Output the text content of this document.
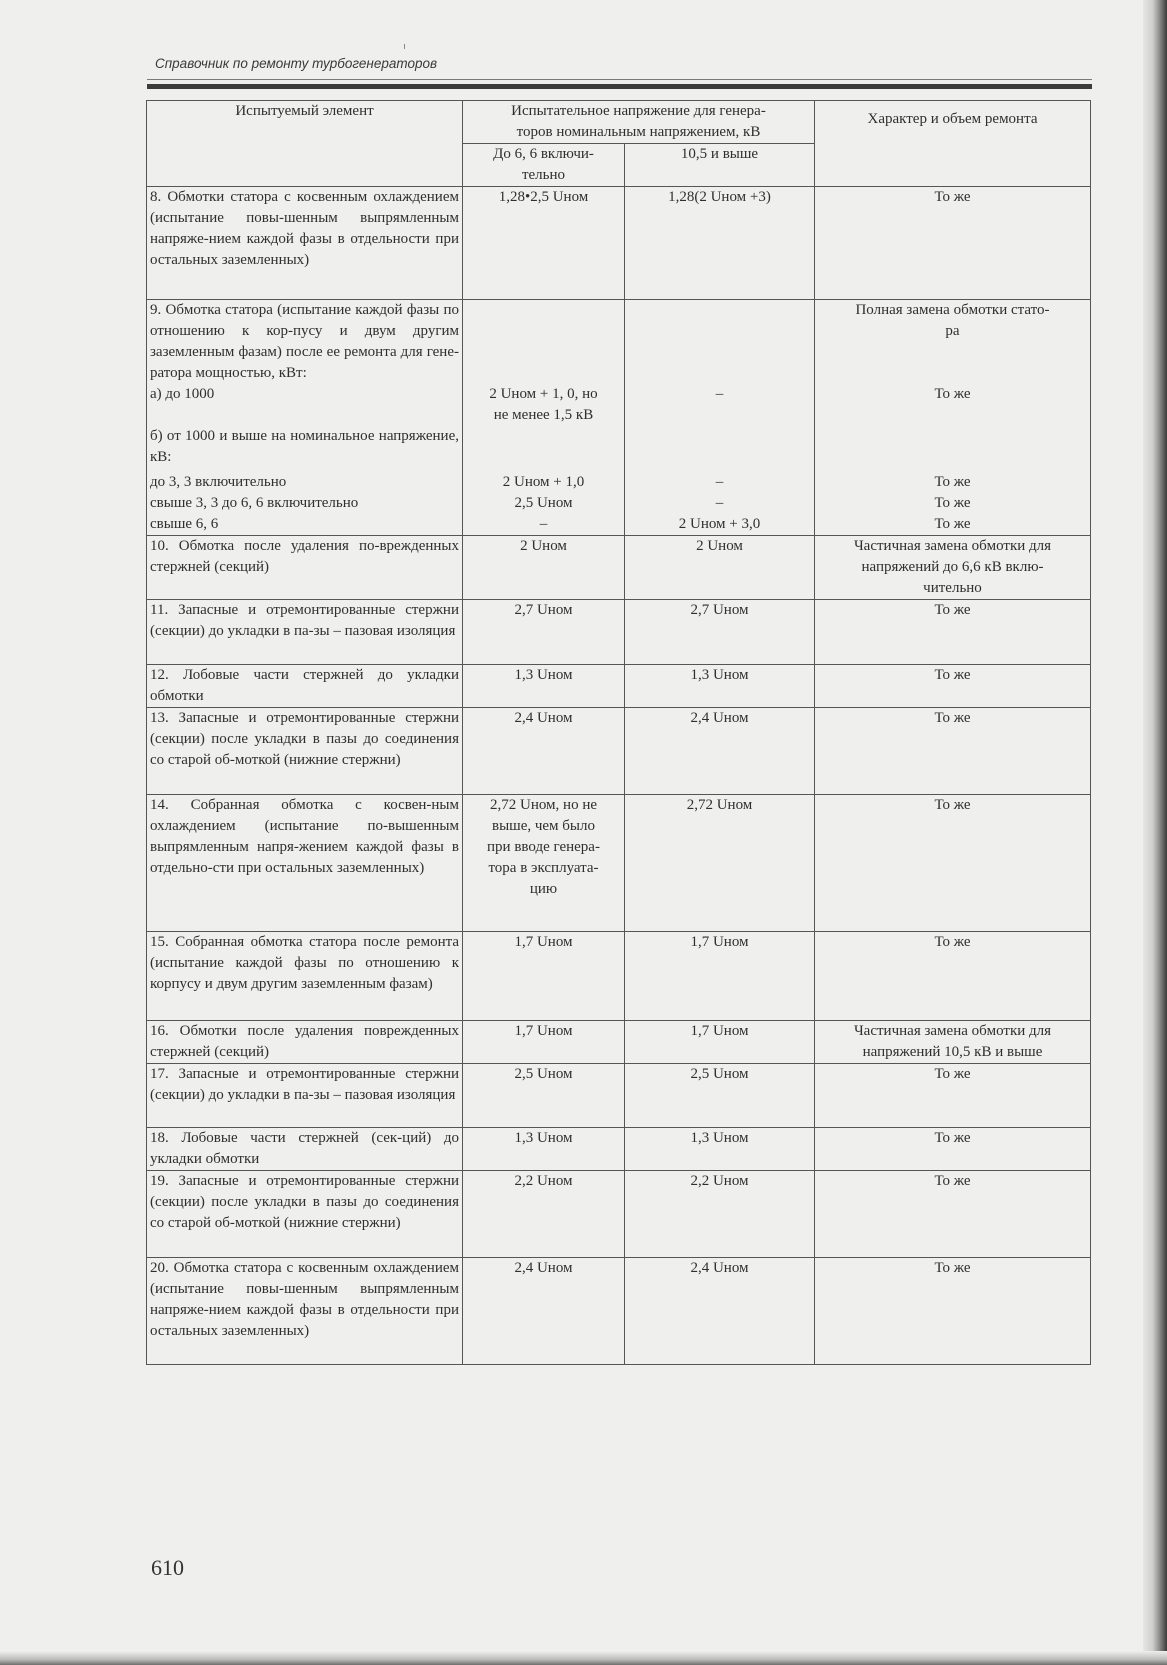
Справочник по ремонту турбогенераторов
Испытуемый элемент	Испытательное напряжение для генера-
торов номинальным напряжением, кВ		Характер и объем ремонта
	До 6, 6 включи-
тельно	10,5 и выше	
8. Обмотки статора с косвенным охлаждением (испытание повы-шенным выпрямленным напряже-нием каждой фазы в отдельности при остальных заземленных)	1,28•2,5 Uном	1,28(2 Uном +3)	То же
9. Обмотка статора (испытание каждой фазы по отношению к кор-пусу и двум другим заземленным фазам) после ее ремонта для гене-ратора мощностью, кВт:			Полная замена обмотки стато-
ра
а) до 1000	2 Uном + 1, 0, но
не менее 1,5 кВ	–	То же
б) от 1000 и выше на номинальное напряжение, кВ:			
до 3, 3 включительно	2 Uном + 1,0	–	То же
свыше 3, 3 до 6, 6 включительно	2,5 Uном	–	То же
свыше 6, 6	–	2 Uном + 3,0	То же
10. Обмотка после удаления по-врежденных стержней (секций)	2 Uном	2 Uном	Частичная замена обмотки для
напряжений до 6,6 кВ вклю-
чительно
11. Запасные и отремонтированные стержни (секции) до укладки в па-зы – пазовая изоляция	2,7 Uном	2,7 Uном	То же
12. Лобовые части стержней до укладки обмотки	1,3 Uном	1,3 Uном	То же
13. Запасные и отремонтированные стержни (секции) после укладки в пазы до соединения со старой об-моткой (нижние стержни)	2,4 Uном	2,4 Uном	То же
14. Собранная обмотка с косвен-ным охлаждением (испытание по-вышенным выпрямленным напря-жением каждой фазы в отдельно-сти при остальных заземленных)	2,72 Uном, но не
выше, чем было
при вводе генера-
тора в эксплуата-
цию	2,72 Uном	То же
15. Собранная обмотка статора после ремонта (испытание каждой фазы по отношению к корпусу и двум другим заземленным фазам)	1,7 Uном	1,7 Uном	То же
16. Обмотки после удаления поврежденных стержней (секций)	1,7 Uном	1,7 Uном	Частичная замена обмотки для
напряжений 10,5 кВ и выше
17. Запасные и отремонтированные стержни (секции) до укладки в па-зы – пазовая изоляция	2,5 Uном	2,5 Uном	То же
18. Лобовые части стержней (сек-ций) до укладки обмотки	1,3 Uном	1,3 Uном	То же
19. Запасные и отремонтированные стержни (секции) после укладки в пазы до соединения со старой об-моткой (нижние стержни)	2,2 Uном	2,2 Uном	То же
20. Обмотка статора с косвенным охлаждением (испытание повы-шенным выпрямленным напряже-нием каждой фазы в отдельности при остальных заземленных)	2,4 Uном	2,4 Uном	То же
610
